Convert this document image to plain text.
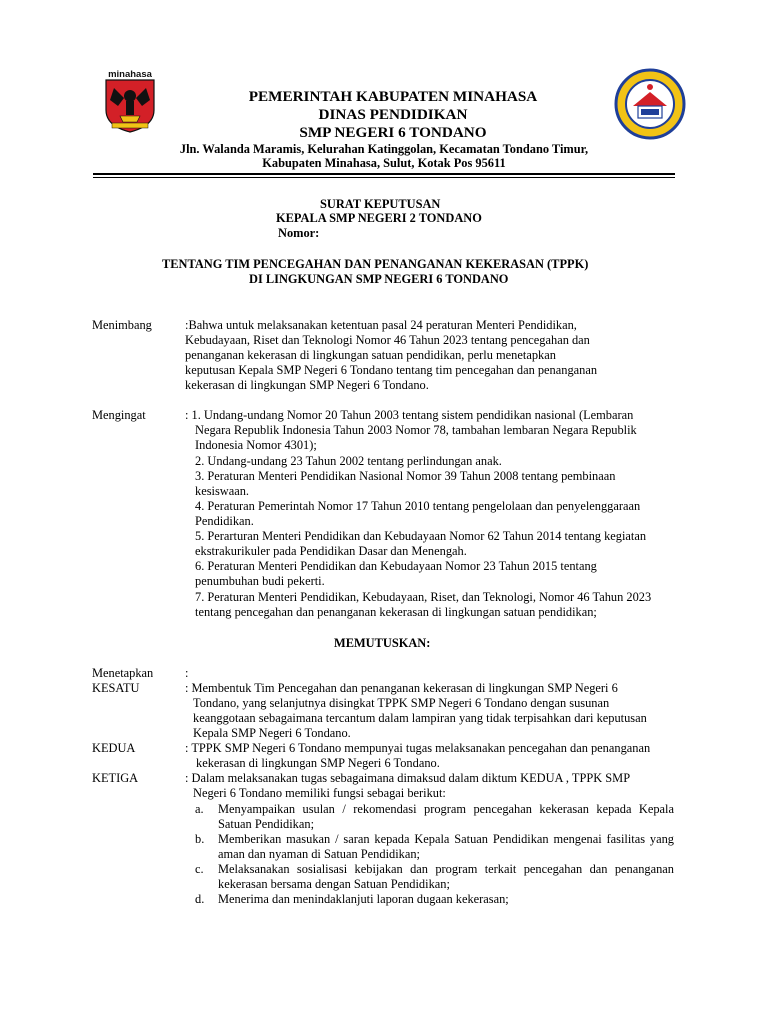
minahasa
PEMERINTAH KABUPATEN MINAHASA
DINAS PENDIDIKAN
SMP NEGERI 6 TONDANO
Jln. Walanda Maramis, Kelurahan Katinggolan, Kecamatan Tondano Timur,
Kabupaten Minahasa, Sulut, Kotak Pos 95611
SURAT KEPUTUSAN
KEPALA SMP NEGERI 2 TONDANO
Nomor:
TENTANG TIM PENCEGAHAN DAN PENANGANAN KEKERASAN (TPPK)
DI LINGKUNGAN SMP NEGERI 6 TONDANO
Menimbang	:Bahwa untuk melaksanakan ketentuan pasal 24 peraturan Menteri Pendidikan,
Kebudayaan, Riset dan Teknologi Nomor 46 Tahun 2023 tentang pencegahan dan
penanganan kekerasan di lingkungan satuan pendidikan, perlu menetapkan
keputusan Kepala SMP Negeri 6 Tondano tentang tim pencegahan dan penanganan
kekerasan di lingkungan SMP Negeri 6 Tondano.
Mengingat	: 1. Undang-undang Nomor 20 Tahun 2003 tentang sistem pendidikan nasional (Lembaran
Negara Republik Indonesia Tahun 2003 Nomor 78, tambahan lembaran Negara Republik
Indonesia Nomor 4301);
2. Undang-undang 23 Tahun 2002 tentang perlindungan anak.
3. Peraturan Menteri Pendidikan Nasional Nomor 39 Tahun 2008 tentang pembinaan
kesiswaan.
4. Peraturan Pemerintah Nomor 17 Tahun 2010 tentang pengelolaan dan penyelenggaraan
Pendidikan.
5. Perarturan Menteri Pendidikan dan Kebudayaan Nomor 62 Tahun 2014 tentang kegiatan
ekstrakurikuler pada Pendidikan Dasar dan Menengah.
6. Peraturan Menteri Pendidikan dan Kebudayaan Nomor 23 Tahun 2015 tentang
penumbuhan budi pekerti.
7. Peraturan Menteri Pendidikan, Kebudayaan, Riset, dan Teknologi, Nomor 46 Tahun 2023
tentang pencegahan dan penanganan kekerasan di lingkungan satuan pendidikan;
MEMUTUSKAN:
Menetapkan	:
KESATU	: Membentuk Tim Pencegahan dan penanganan kekerasan di lingkungan SMP Negeri 6
Tondano, yang selanjutnya disingkat TPPK SMP Negeri 6 Tondano dengan susunan
keanggotaan sebagaimana tercantum dalam lampiran yang tidak terpisahkan dari keputusan
Kepala SMP Negeri 6 Tondano.
KEDUA	: TPPK SMP Negeri 6 Tondano mempunyai tugas melaksanakan pencegahan dan penanganan
kekerasan di lingkungan SMP Negeri 6 Tondano.
KETIGA	: Dalam melaksanakan tugas sebagaimana dimaksud dalam diktum KEDUA , TPPK SMP
Negeri 6 Tondano memiliki fungsi sebagai berikut:
a. Menyampaikan usulan / rekomendasi program pencegahan kekerasan kepada Kepala
Satuan Pendidikan;
b. Memberikan masukan / saran kepada Kepala Satuan Pendidikan mengenai fasilitas yang
aman dan nyaman di Satuan Pendidikan;
c. Melaksanakan sosialisasi kebijakan dan program terkait pencegahan dan penanganan
kekerasan bersama dengan Satuan Pendidikan;
d. Menerima dan menindaklanjuti laporan dugaan kekerasan;
